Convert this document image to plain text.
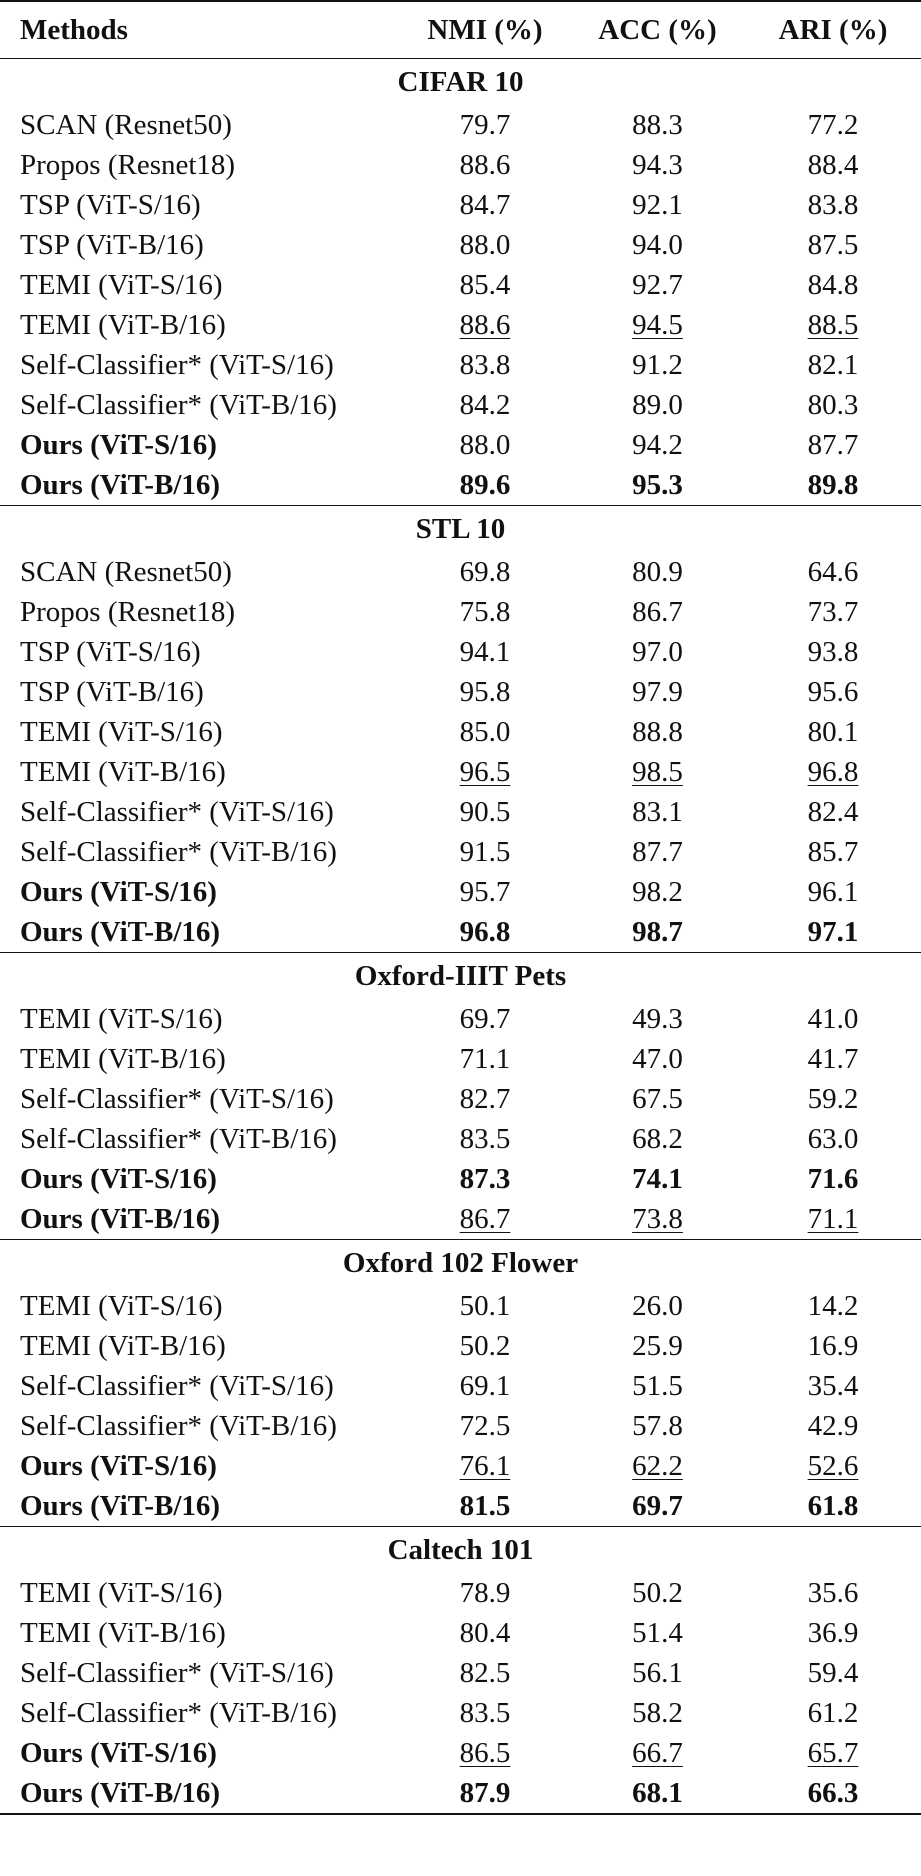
Methods	NMI (%)	ACC (%)	ARI (%)
CIFAR 10			
SCAN (Resnet50)	79.7	88.3	77.2
Propos (Resnet18)	88.6	94.3	88.4
TSP (ViT-S/16)	84.7	92.1	83.8
TSP (ViT-B/16)	88.0	94.0	87.5
TEMI (ViT-S/16)	85.4	92.7	84.8
TEMI (ViT-B/16)	88.6	94.5	88.5
Self-Classifier* (ViT-S/16)	83.8	91.2	82.1
Self-Classifier* (ViT-B/16)	84.2	89.0	80.3
Ours (ViT-S/16)	88.0	94.2	87.7
Ours (ViT-B/16)	89.6	95.3	89.8
STL 10			
SCAN (Resnet50)	69.8	80.9	64.6
Propos (Resnet18)	75.8	86.7	73.7
TSP (ViT-S/16)	94.1	97.0	93.8
TSP (ViT-B/16)	95.8	97.9	95.6
TEMI (ViT-S/16)	85.0	88.8	80.1
TEMI (ViT-B/16)	96.5	98.5	96.8
Self-Classifier* (ViT-S/16)	90.5	83.1	82.4
Self-Classifier* (ViT-B/16)	91.5	87.7	85.7
Ours (ViT-S/16)	95.7	98.2	96.1
Ours (ViT-B/16)	96.8	98.7	97.1
Oxford-IIIT Pets			
TEMI (ViT-S/16)	69.7	49.3	41.0
TEMI (ViT-B/16)	71.1	47.0	41.7
Self-Classifier* (ViT-S/16)	82.7	67.5	59.2
Self-Classifier* (ViT-B/16)	83.5	68.2	63.0
Ours (ViT-S/16)	87.3	74.1	71.6
Ours (ViT-B/16)	86.7	73.8	71.1
Oxford 102 Flower			
TEMI (ViT-S/16)	50.1	26.0	14.2
TEMI (ViT-B/16)	50.2	25.9	16.9
Self-Classifier* (ViT-S/16)	69.1	51.5	35.4
Self-Classifier* (ViT-B/16)	72.5	57.8	42.9
Ours (ViT-S/16)	76.1	62.2	52.6
Ours (ViT-B/16)	81.5	69.7	61.8
Caltech 101			
TEMI (ViT-S/16)	78.9	50.2	35.6
TEMI (ViT-B/16)	80.4	51.4	36.9
Self-Classifier* (ViT-S/16)	82.5	56.1	59.4
Self-Classifier* (ViT-B/16)	83.5	58.2	61.2
Ours (ViT-S/16)	86.5	66.7	65.7
Ours (ViT-B/16)	87.9	68.1	66.3
